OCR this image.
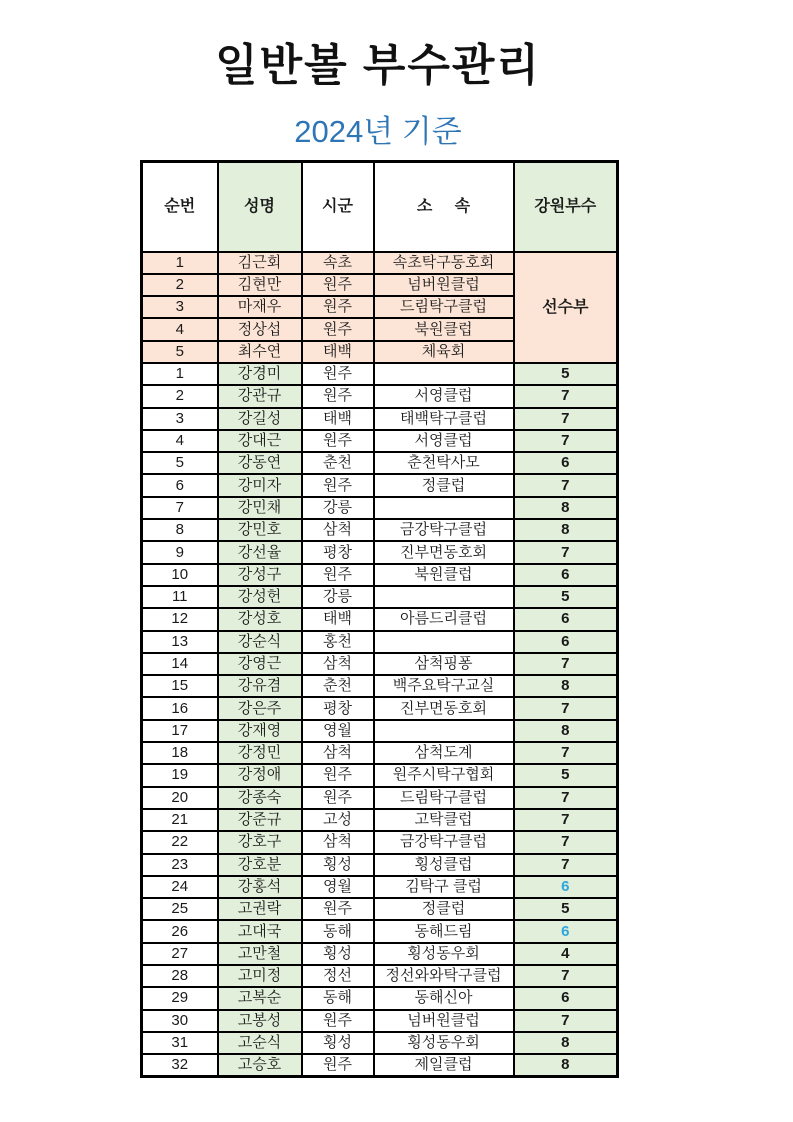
일반볼 부수관리
2024년 기준
순번	성명	시군	소     속	강원부수
1	김근회	속초	속초탁구동호회	선수부
2	김현만	원주	넘버원클럽	
3	마재우	원주	드림탁구클럽	
4	정상섭	원주	북원클럽	
5	최수연	태백	체육회	
1	강경미	원주		5
2	강관규	원주	서영클럽	7
3	강길성	태백	태백탁구클럽	7
4	강대근	원주	서영클럽	7
5	강동연	춘천	춘천탁사모	6
6	강미자	원주	정클럽	7
7	강민채	강릉		8
8	강민호	삼척	금강탁구클럽	8
9	강선율	평창	진부면동호회	7
10	강성구	원주	북원클럽	6
11	강성헌	강릉		5
12	강성호	태백	아름드리클럽	6
13	강순식	홍천		6
14	강영근	삼척	삼척핑퐁	7
15	강유겸	춘천	백주요탁구교실	8
16	강은주	평창	진부면동호회	7
17	강재영	영월		8
18	강정민	삼척	삼척도계	7
19	강정애	원주	원주시탁구협회	5
20	강종숙	원주	드림탁구클럽	7
21	강준규	고성	고탁클럽	7
22	강호구	삼척	금강탁구클럽	7
23	강호분	횡성	횡성클럽	7
24	강홍석	영월	김탁구 클럽	6
25	고권락	원주	정클럽	5
26	고대국	동해	동해드림	6
27	고만철	횡성	횡성동우회	4
28	고미정	정선	정선와와탁구클럽	7
29	고복순	동해	동해신아	6
30	고봉성	원주	넘버원클럽	7
31	고순식	횡성	횡성동우회	8
32	고승호	원주	제일클럽	8
